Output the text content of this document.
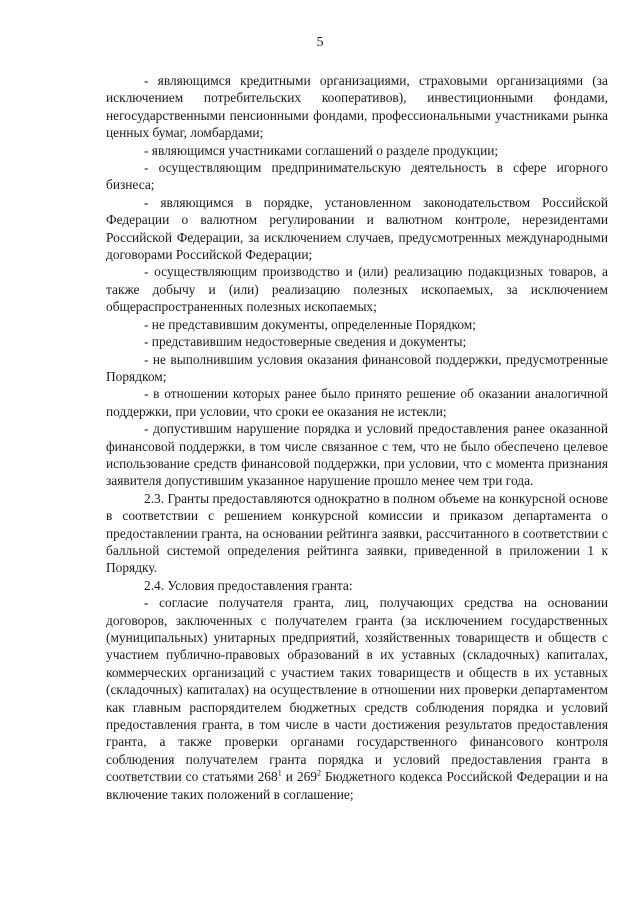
5

- являющимся кредитными организациями, страховыми организациями (за исключением потребительских кооперативов), инвестиционными фондами, негосударственными пенсионными фондами, профессиональными участниками рынка ценных бумаг, ломбардами;

- являющимся участниками соглашений о разделе продукции;

- осуществляющим предпринимательскую деятельность в сфере игорного бизнеса;

- являющимся в порядке, установленном законодательством Российской Федерации о валютном регулировании и валютном контроле, нерезидентами Российской Федерации, за исключением случаев, предусмотренных международными договорами Российской Федерации;

- осуществляющим производство и (или) реализацию подакцизных товаров, а также добычу и (или) реализацию полезных ископаемых, за исключением общераспространенных полезных ископаемых;

- не представившим документы, определенные Порядком;

- представившим недостоверные сведения и документы;

- не выполнившим условия оказания финансовой поддержки, предусмотренные Порядком;

- в отношении которых ранее было принято решение об оказании аналогичной поддержки, при условии, что сроки ее оказания не истекли;

- допустившим нарушение порядка и условий предоставления ранее оказанной финансовой поддержки, в том числе связанное с тем, что не было обеспечено целевое использование средств финансовой поддержки, при условии, что с момента признания заявителя допустившим указанное нарушение прошло менее чем три года.

2.3. Гранты предоставляются однократно в полном объеме на конкурсной основе в соответствии с решением конкурсной комиссии и приказом департамента о предоставлении гранта, на основании рейтинга заявки, рассчитанного в соответствии с балльной системой определения рейтинга заявки, приведенной в приложении 1 к Порядку.

2.4. Условия предоставления гранта:

- согласие получателя гранта, лиц, получающих средства на основании договоров, заключенных с получателем гранта (за исключением государственных (муниципальных) унитарных предприятий, хозяйственных товариществ и обществ с участием публично-правовых образований в их уставных (складочных) капиталах, коммерческих организаций с участием таких товариществ и обществ в их уставных (складочных) капиталах) на осуществление в отношении них проверки департаментом как главным распорядителем бюджетных средств соблюдения порядка и условий предоставления гранта, в том числе в части достижения результатов предоставления гранта, а также проверки органами государственного финансового контроля соблюдения получателем гранта порядка и условий предоставления гранта в соответствии со статьями $268^1$ и $269^2$ Бюджетного кодекса Российской Федерации и на включение таких положений в соглашение;
